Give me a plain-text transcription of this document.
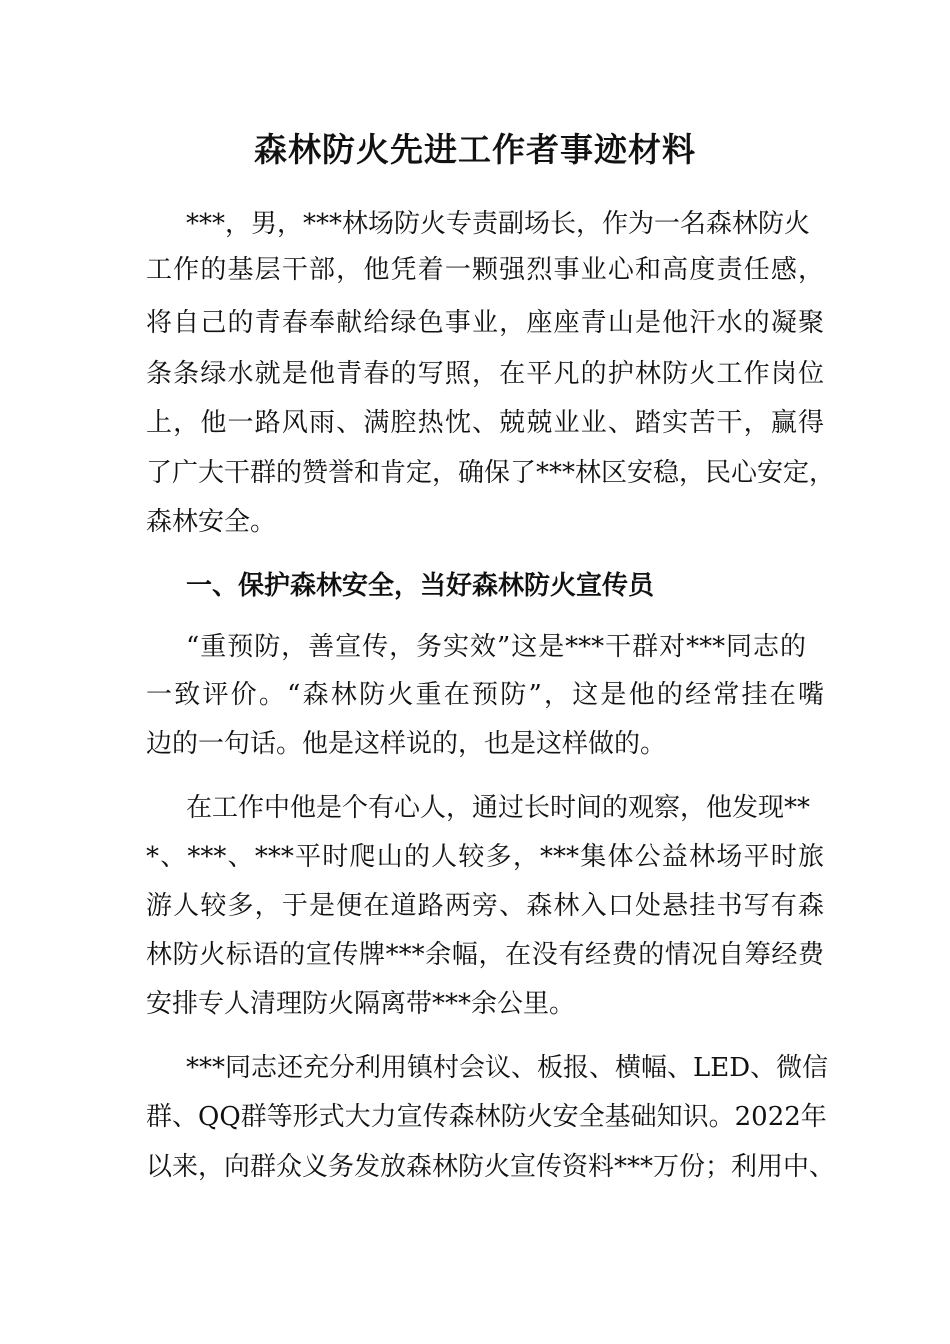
森林防火先进工作者事迹材料
***，男，***林场防火专责副场长，作为一名森林防火
工作的基层干部，他凭着一颗强烈事业心和高度责任感，
将自己的青春奉献给绿色事业，座座青山是他汗水的凝聚
条条绿水就是他青春的写照，在平凡的护林防火工作岗位
上，他一路风雨、满腔热忱、兢兢业业、踏实苦干，赢得
了广大干群的赞誉和肯定，确保了***林区安稳，民心安定，
森林安全。
一、保护森林安全，当好森林防火宣传员
“重预防，善宣传，务实效”这是***干群对***同志的
一致评价。“森林防火重在预防”，这是他的经常挂在嘴
边的一句话。他是这样说的，也是这样做的。
在工作中他是个有心人，通过长时间的观察，他发现**
*、***、***平时爬山的人较多，***集体公益林场平时旅
游人较多，于是便在道路两旁、森林入口处悬挂书写有森
林防火标语的宣传牌***余幅，在没有经费的情况自筹经费
安排专人清理防火隔离带***余公里。
***同志还充分利用镇村会议、板报、横幅、LED、微信
群、QQ群等形式大力宣传森林防火安全基础知识。2022年
以来，向群众义务发放森林防火宣传资料***万份；利用中、
